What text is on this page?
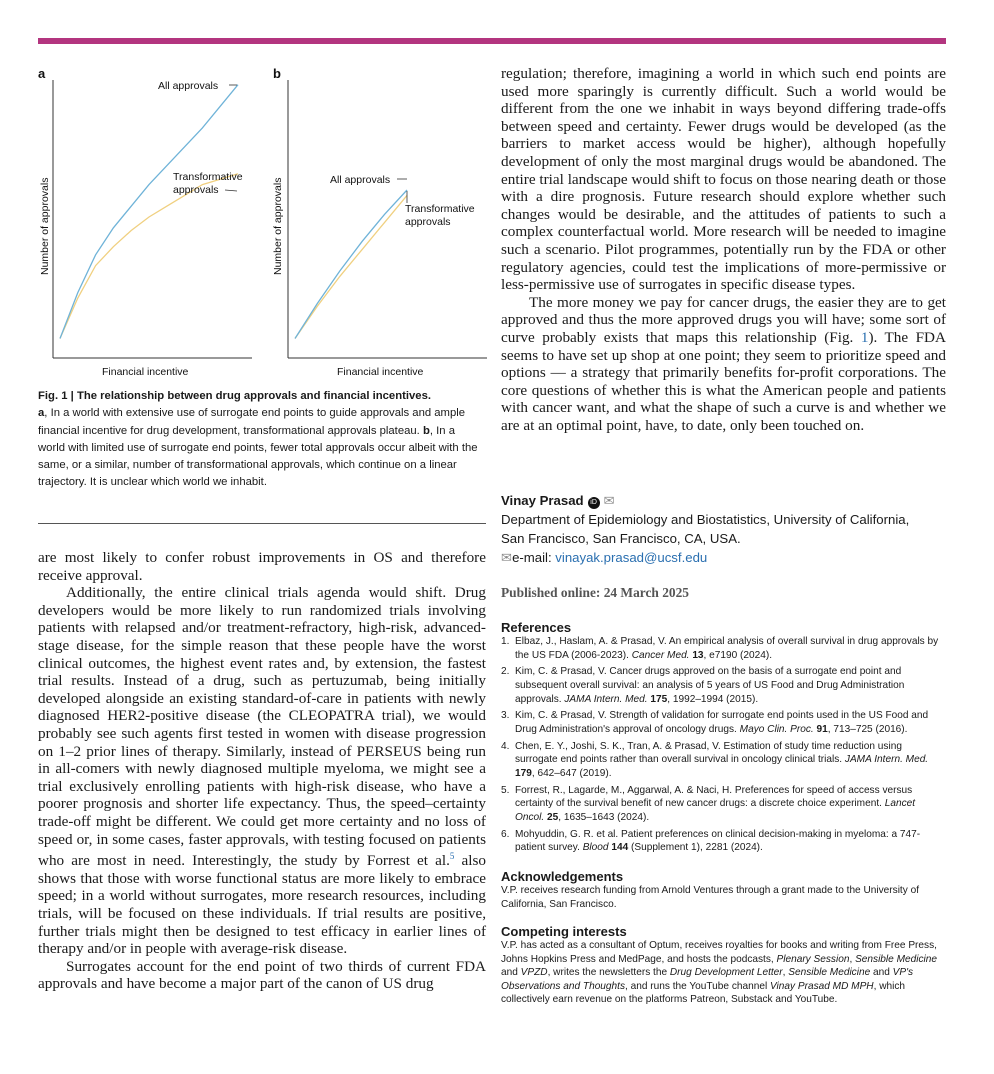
a
Number of approvals
Financial incentive
All approvals
Transformative
approvals
b
Number of approvals
Financial incentive
All approvals
Transformative
approvals
Fig. 1 | The relationship between drug approvals and financial incentives.
a, In a world with extensive use of surrogate end points to guide approvals and ample financial incentive for drug development, transformational approvals plateau. b, In a world with limited use of surrogate end points, fewer total approvals occur albeit with the same, or a similar, number of transformational approvals, which continue on a linear trajectory. It is unclear which world we inhabit.

are most likely to confer robust improvements in OS and therefore receive approval.

Additionally, the entire clinical trials agenda would shift. Drug developers would be more likely to run randomized trials involving patients with relapsed and/or treatment-refractory, high-risk, advanced-stage disease, for the simple reason that these people have the worst clinical outcomes, the highest event rates and, by extension, the fastest trial results. Instead of a drug, such as pertuzumab, being initially developed alongside an existing standard-of-care in patients with newly diagnosed HER2-positive disease (the CLEOPATRA trial), we would probably see such agents first tested in women with disease progression on 1–2 prior lines of therapy. Similarly, instead of PERSEUS being run in all-comers with newly diagnosed multiple myeloma, we might see a trial exclusively enrolling patients with high-risk disease, who have a poorer prognosis and shorter life expectancy. Thus, the speed–certainty trade-off might be different. We could get more certainty and no loss of speed or, in some cases, faster approvals, with testing focused on patients who are most in need. Interestingly, the study by Forrest et al.$^5$ also shows that those with worse functional status are more likely to embrace speed; in a world without surrogates, more research resources, including trials, will be focused on these individuals. If trial results are positive, further trials might then be designed to test efficacy in earlier lines of therapy and/or in people with average-risk disease.

Surrogates account for the end point of two thirds of current FDA approvals and have become a major part of the canon of US drug

regulation; therefore, imagining a world in which such end points are used more sparingly is currently difficult. Such a world would be different from the one we inhabit in ways beyond differing trade-offs between speed and certainty. Fewer drugs would be developed (as the barriers to market access would be higher), although hopefully development of only the most marginal drugs would be abandoned. The entire trial landscape would shift to focus on those nearing death or those with a dire prognosis. Future research should explore whether such changes would be desirable, and the attitudes of patients to such a complex counterfactual world. More research will be needed to imagine such a scenario. Pilot programmes, potentially run by the FDA or other regulatory agencies, could test the implications of more-permissive or less-permissive use of surrogates in specific disease types.

The more money we pay for cancer drugs, the easier they are to get approved and thus the more approved drugs you will have; some sort of curve probably exists that maps this relationship (Fig. 1). The FDA seems to have set up shop at one point; they seem to prioritize speed and options — a strategy that primarily benefits for-profit corporations. The core questions of whether this is what the American people and patients with cancer want, and what the shape of such a curve is and whether we are at an optimal point, have, to date, only been touched on.

Vinay Prasad iD ✉
Department of Epidemiology and Biostatistics, University of California,
San Francisco, San Francisco, CA, USA.
✉e-mail: vinayak.prasad@ucsf.edu
Published online: 24 March 2025
References
1. Elbaz, J., Haslam, A. & Prasad, V. An empirical analysis of overall survival in drug approvals by the US FDA (2006-2023). Cancer Med. 13, e7190 (2024).
2. Kim, C. & Prasad, V. Cancer drugs approved on the basis of a surrogate end point and subsequent overall survival: an analysis of 5 years of US Food and Drug Administration approvals. JAMA Intern. Med. 175, 1992–1994 (2015).
3. Kim, C. & Prasad, V. Strength of validation for surrogate end points used in the US Food and Drug Administration's approval of oncology drugs. Mayo Clin. Proc. 91, 713–725 (2016).
4. Chen, E. Y., Joshi, S. K., Tran, A. & Prasad, V. Estimation of study time reduction using surrogate end points rather than overall survival in oncology clinical trials. JAMA Intern. Med. 179, 642–647 (2019).
5. Forrest, R., Lagarde, M., Aggarwal, A. & Naci, H. Preferences for speed of access versus certainty of the survival benefit of new cancer drugs: a discrete choice experiment. Lancet Oncol. 25, 1635–1643 (2024).
6. Mohyuddin, G. R. et al. Patient preferences on clinical decision-making in myeloma: a 747-patient survey. Blood 144 (Supplement 1), 2281 (2024).
Acknowledgements

V.P. receives research funding from Arnold Ventures through a grant made to the University of California, San Francisco.

Competing interests

V.P. has acted as a consultant of Optum, receives royalties for books and writing from Free Press, Johns Hopkins Press and MedPage, and hosts the podcasts, Plenary Session, Sensible Medicine and VPZD, writes the newsletters the Drug Development Letter, Sensible Medicine and VP's Observations and Thoughts, and runs the YouTube channel Vinay Prasad MD MPH, which collectively earn revenue on the platforms Patreon, Substack and YouTube.
